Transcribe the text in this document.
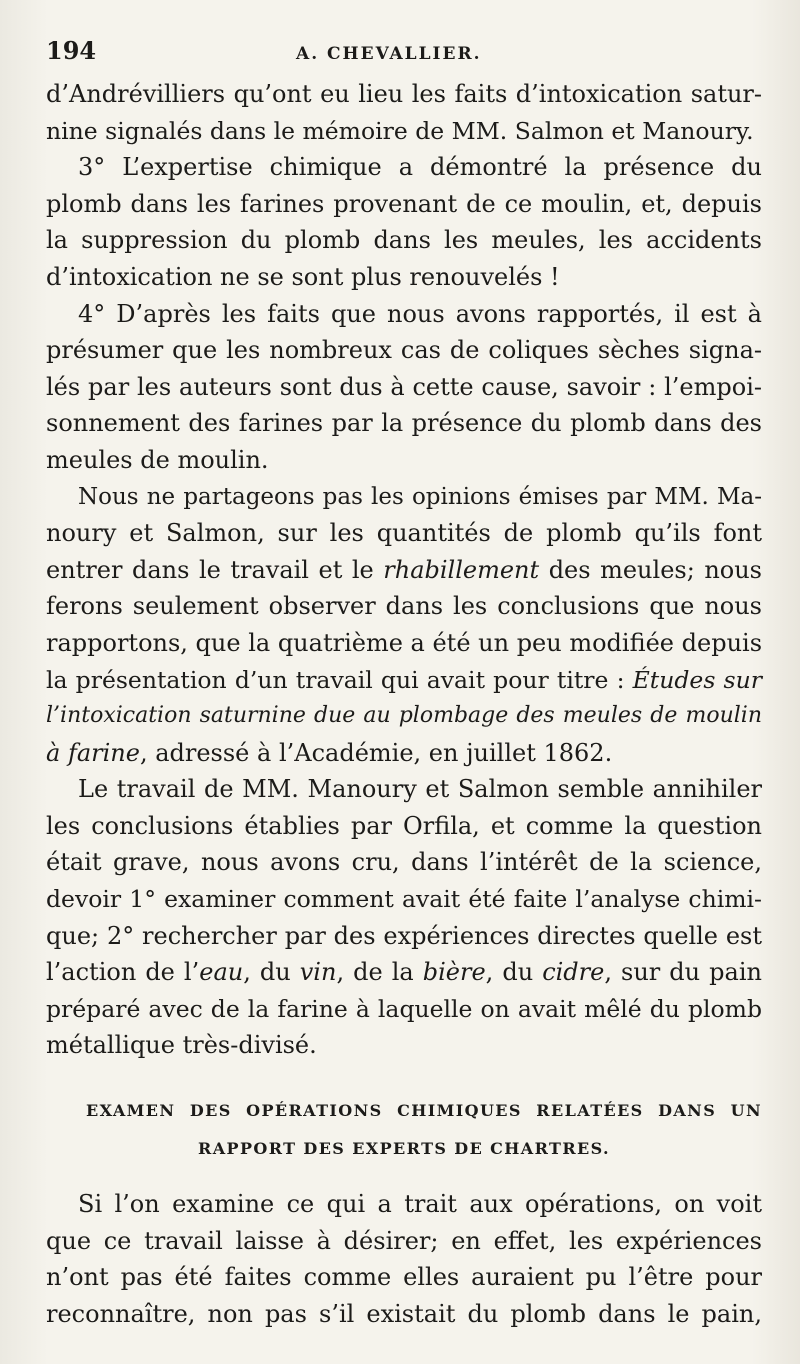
194	A. CHEVALLIER.

d’Andrévilliers qu’ont eu lieu les faits d’intoxication satur-
nine signalés dans le mémoire de MM. Salmon et Manoury.

3° L’expertise chimique a démontré la présence du
plomb dans les farines provenant de ce moulin, et, depuis
la suppression du plomb dans les meules, les accidents
d’intoxication ne se sont plus renouvelés !

4° D’après les faits que nous avons rapportés, il est à
présumer que les nombreux cas de coliques sèches signa-
lés par les auteurs sont dus à cette cause, savoir : l’empoi-
sonnement des farines par la présence du plomb dans des
meules de moulin.

Nous ne partageons pas les opinions émises par MM. Ma-
noury et Salmon, sur les quantités de plomb qu’ils font
entrer dans le travail et le rhabillement des meules; nous
ferons seulement observer dans les conclusions que nous
rapportons, que la quatrième a été un peu modifiée depuis
la présentation d’un travail qui avait pour titre : Études sur
l’intoxication saturnine due au plombage des meules de moulin
à farine, adressé à l’Académie, en juillet 1862.

Le travail de MM. Manoury et Salmon semble annihiler
les conclusions établies par Orfila, et comme la question
était grave, nous avons cru, dans l’intérêt de la science,
devoir 1° examiner comment avait été faite l’analyse chimi-
que; 2° rechercher par des expériences directes quelle est
l’action de l’eau, du vin, de la bière, du cidre, sur du pain
préparé avec de la farine à laquelle on avait mêlé du plomb
métallique très-divisé.

EXAMEN DES OPÉRATIONS CHIMIQUES RELATÉES DANS UN
RAPPORT DES EXPERTS DE CHARTRES.

Si l’on examine ce qui a trait aux opérations, on voit
que ce travail laisse à désirer; en effet, les expériences
n’ont pas été faites comme elles auraient pu l’être pour
reconnaître, non pas s’il existait du plomb dans le pain,
